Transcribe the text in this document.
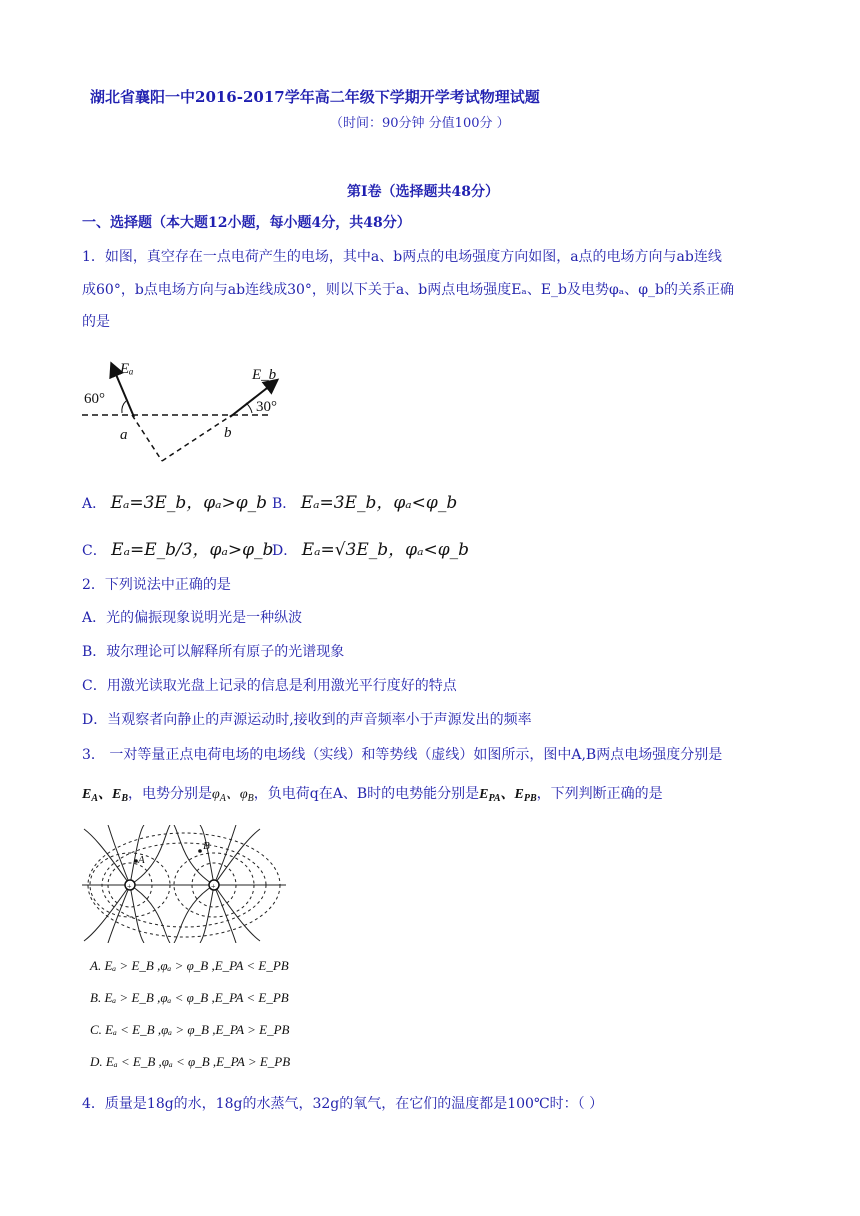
湖北省襄阳一中2016-2017学年高二年级下学期开学考试物理试题
（时间：90分钟 分值100分 ）
第Ⅰ卷（选择题共48分）
一、选择题（本大题12小题，每小题4分，共48分）
1．如图，真空存在一点电荷产生的电场，其中a、b两点的电场强度方向如图，a点的电场方向与ab连线
成60°，b点电场方向与ab连线成30°，则以下关于a、b两点电场强度Eₐ、E_b及电势φₐ、φ_b的关系正确
的是
Eₐ	E_b
60°	30°
a	b
A． Eₐ=3E_b，φₐ>φ_b B． Eₐ=3E_b，φₐ<φ_b
C． Eₐ=E_b/3，φₐ>φ_b
D． Eₐ=√3E_b，φₐ<φ_b
2．下列说法中正确的是
A．光的偏振现象说明光是一种纵波
B．玻尔理论可以解释所有原子的光谱现象
C．用激光读取光盘上记录的信息是利用激光平行度好的特点
D．当观察者向静止的声源运动时,接收到的声音频率小于声源发出的频率
3． 一对等量正点电荷电场的电场线（实线）和等势线（虚线）如图所示，图中A,B两点电场强度分别是
$E_A$、$E_B$，电势分别是$\varphi_A$、$\varphi_B$，负电荷q在A、B时的电势能分别是$E_{PA}$、$E_{PB}$，下列判断正确的是
+	+
A
B
A. Eₐ > E_B ,φₐ > φ_B ,E_PA < E_PB
B. Eₐ > E_B ,φₐ < φ_B ,E_PA < E_PB
C. Eₐ < E_B ,φₐ > φ_B ,E_PA > E_PB
D. Eₐ < E_B ,φₐ < φ_B ,E_PA > E_PB
4．质量是18g的水，18g的水蒸气，32g的氧气，在它们的温度都是100℃时：（ ）
